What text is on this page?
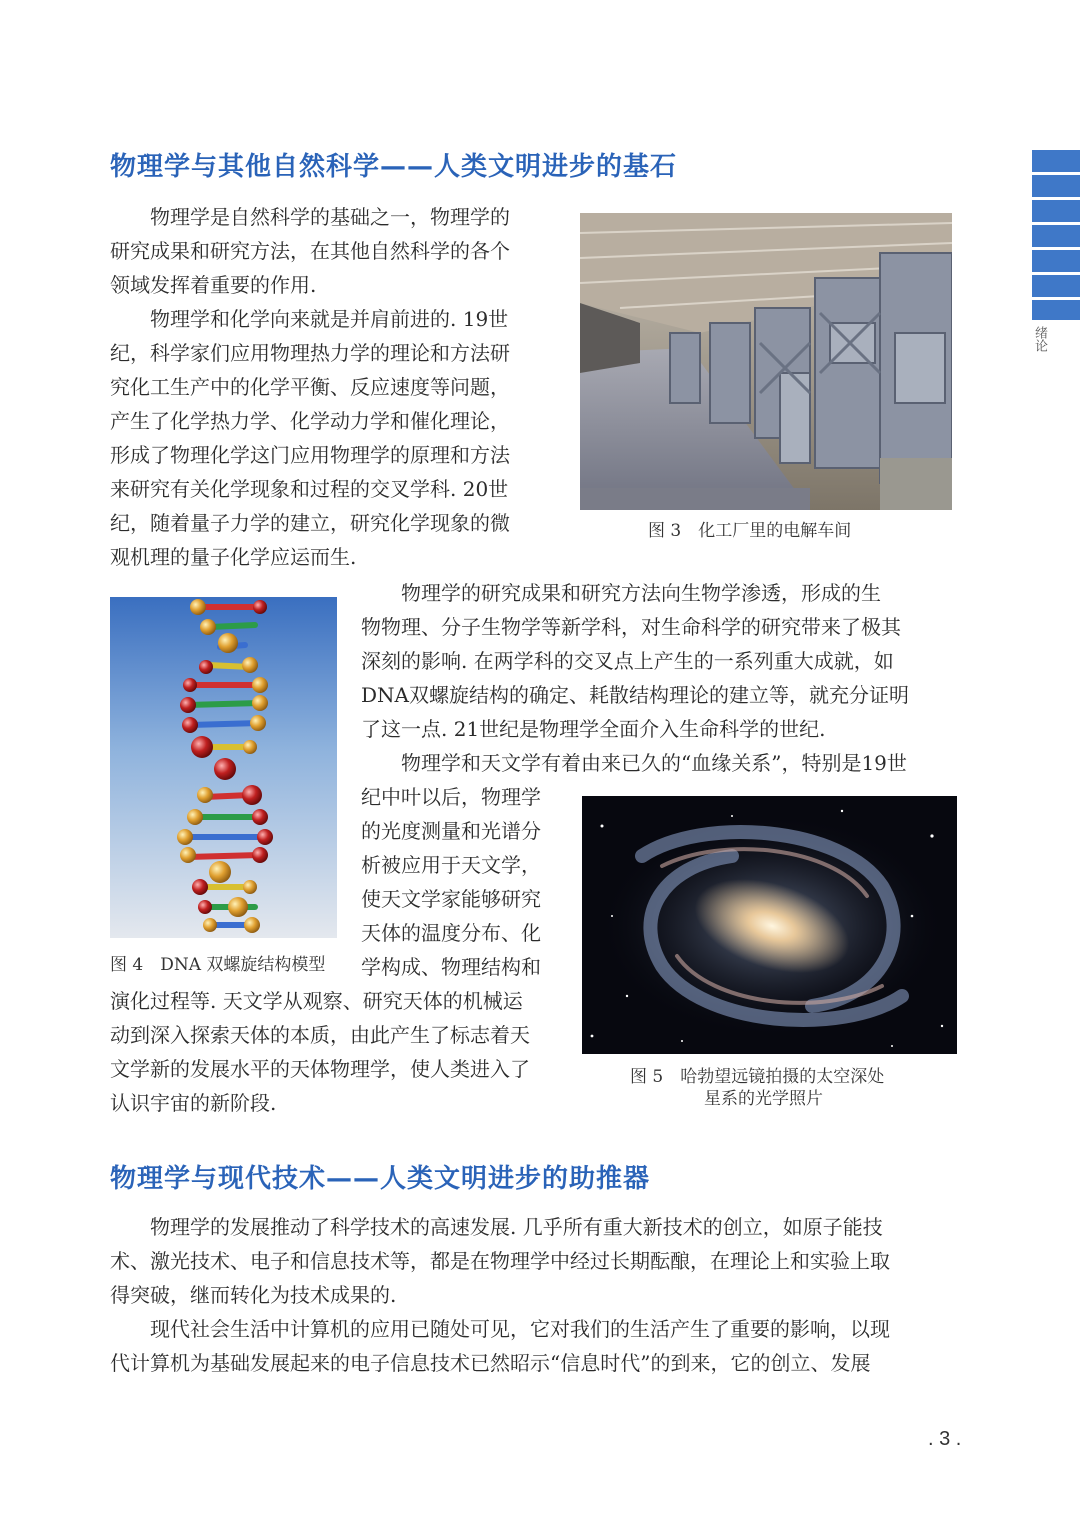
绪论
物理学与其他自然科学——人类文明进步的基石
物理学是自然科学的基础之一，物理学的
研究成果和研究方法，在其他自然科学的各个
领域发挥着重要的作用.
物理学和化学向来就是并肩前进的. 19世
纪，科学家们应用物理热力学的理论和方法研
究化工生产中的化学平衡、反应速度等问题，
产生了化学热力学、化学动力学和催化理论，
形成了物理化学这门应用物理学的原理和方法
来研究有关化学现象和过程的交叉学科. 20世
纪，随着量子力学的建立，研究化学现象的微
观机理的量子化学应运而生.
图 3　化工厂里的电解车间
图 4　DNA 双螺旋结构模型
物理学的研究成果和研究方法向生物学渗透，形成的生
物物理、分子生物学等新学科，对生命科学的研究带来了极其
深刻的影响. 在两学科的交叉点上产生的一系列重大成就，如
DNA双螺旋结构的确定、耗散结构理论的建立等，就充分证明
了这一点. 21世纪是物理学全面介入生命科学的世纪.
物理学和天文学有着由来已久的“血缘关系”，特别是19世
纪中叶以后，物理学
的光度测量和光谱分
析被应用于天文学，
使天文学家能够研究
天体的温度分布、化
学构成、物理结构和
演化过程等. 天文学从观察、研究天体的机械运
动到深入探索天体的本质，由此产生了标志着天
文学新的发展水平的天体物理学，使人类进入了
认识宇宙的新阶段.
图 5　哈勃望远镜拍摄的太空深处
星系的光学照片
物理学与现代技术——人类文明进步的助推器
物理学的发展推动了科学技术的高速发展. 几乎所有重大新技术的创立，如原子能技
术、激光技术、电子和信息技术等，都是在物理学中经过长期酝酿，在理论上和实验上取
得突破，继而转化为技术成果的.
现代社会生活中计算机的应用已随处可见，它对我们的生活产生了重要的影响，以现
代计算机为基础发展起来的电子信息技术已然昭示“信息时代”的到来，它的创立、发展
. 3 .
